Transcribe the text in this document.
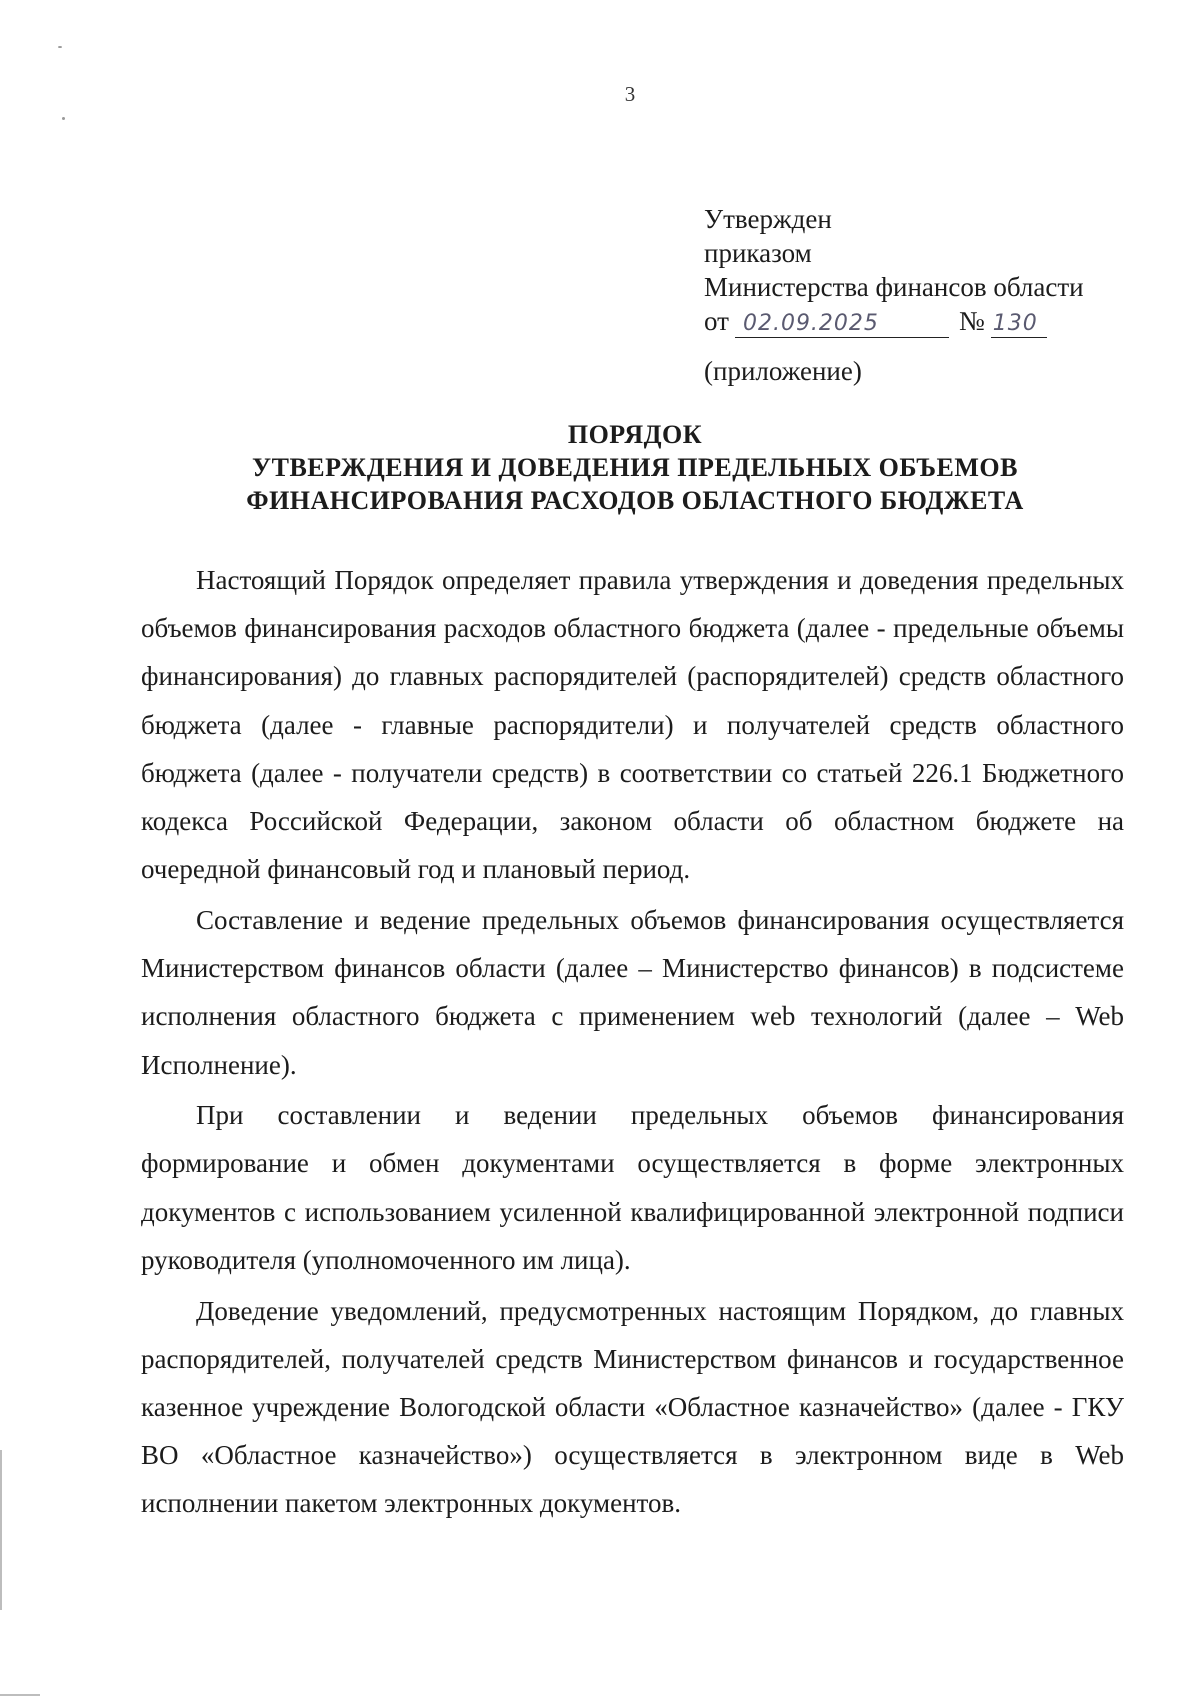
3
Утвержден
приказом
Министерства финансов области
от 02.09.2025	№ 130
(приложение)
ПОРЯДОК
УТВЕРЖДЕНИЯ И ДОВЕДЕНИЯ ПРЕДЕЛЬНЫХ ОБЪЕМОВ
ФИНАНСИРОВАНИЯ РАСХОДОВ ОБЛАСТНОГО БЮДЖЕТА

Настоящий Порядок определяет правила утверждения и доведения предельных объемов финансирования расходов областного бюджета (далее - предельные объемы финансирования) до главных распорядителей (распорядителей) средств областного бюджета (далее - главные распорядители) и получателей средств областного бюджета (далее - получатели средств) в соответствии со статьей 226.1 Бюджетного кодекса Российской Федерации, законом области об областном бюджете на очередной финансовый год и плановый период.

Составление и ведение предельных объемов финансирования осуществляется Министерством финансов области (далее – Министерство финансов) в подсистеме исполнения областного бюджета с применением web технологий (далее – Web Исполнение).

При составлении и ведении предельных объемов финансирования формирование и обмен документами осуществляется в форме электронных документов с использованием усиленной квалифицированной электронной подписи руководителя (уполномоченного им лица).

Доведение уведомлений, предусмотренных настоящим Порядком, до главных распорядителей, получателей средств Министерством финансов и государственное казенное учреждение Вологодской области «Областное казначейство» (далее - ГКУ ВО «Областное казначейство») осуществляется в электронном виде в Web исполнении пакетом электронных документов.
